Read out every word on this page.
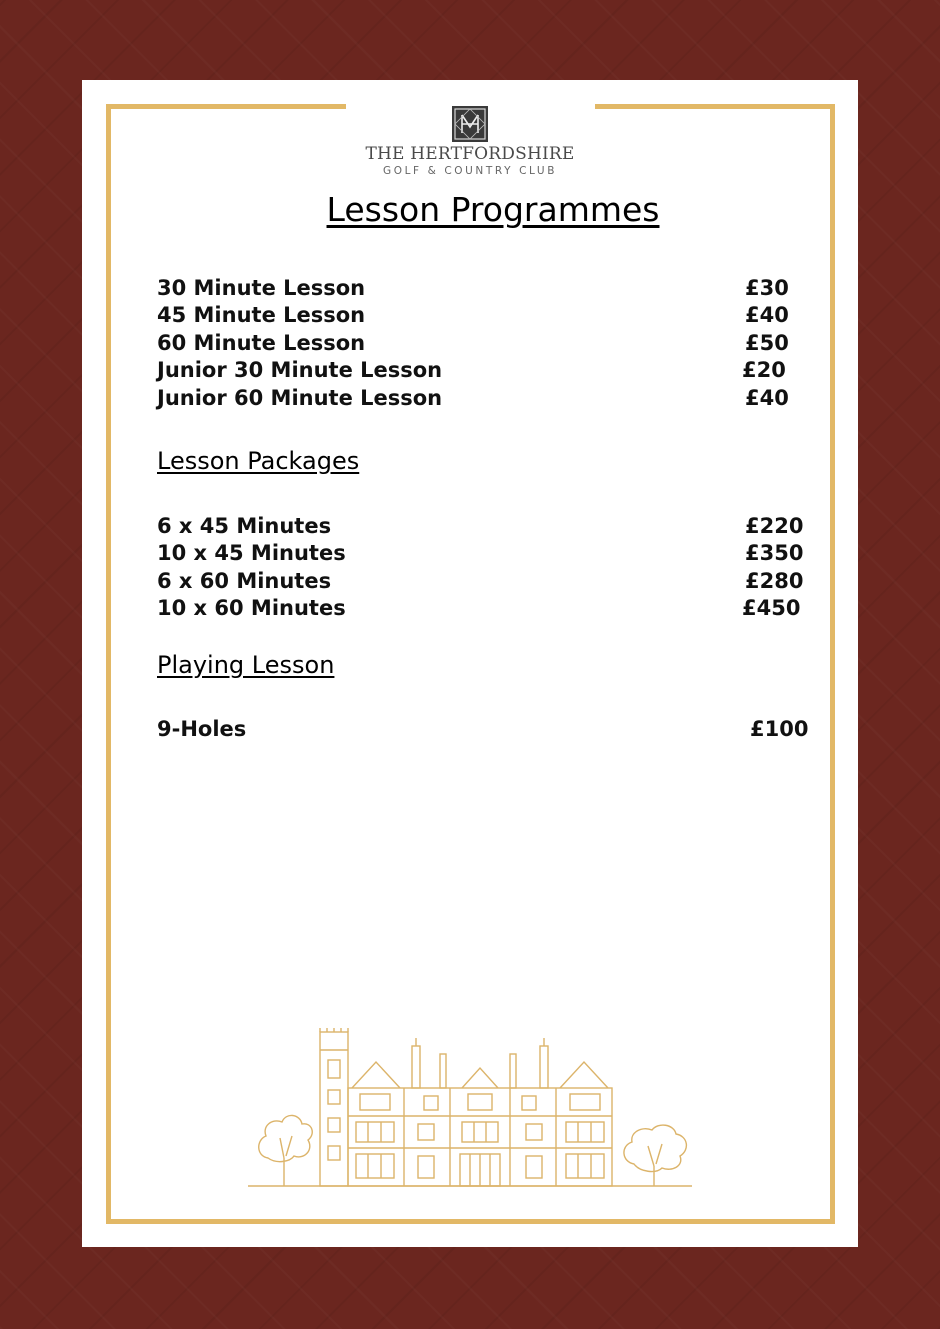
THE HERTFORDSHIRE
GOLF & COUNTRY CLUB
Lesson Programmes
30 Minute Lesson	£30
45 Minute Lesson	£40
60 Minute Lesson	£50
Junior 30 Minute Lesson	£20
Junior 60 Minute Lesson	£40
Lesson Packages
6 x 45 Minutes	£220
10 x 45 Minutes	£350
6 x 60 Minutes	£280
10 x 60 Minutes	£450
Playing Lesson
9-Holes	£100
